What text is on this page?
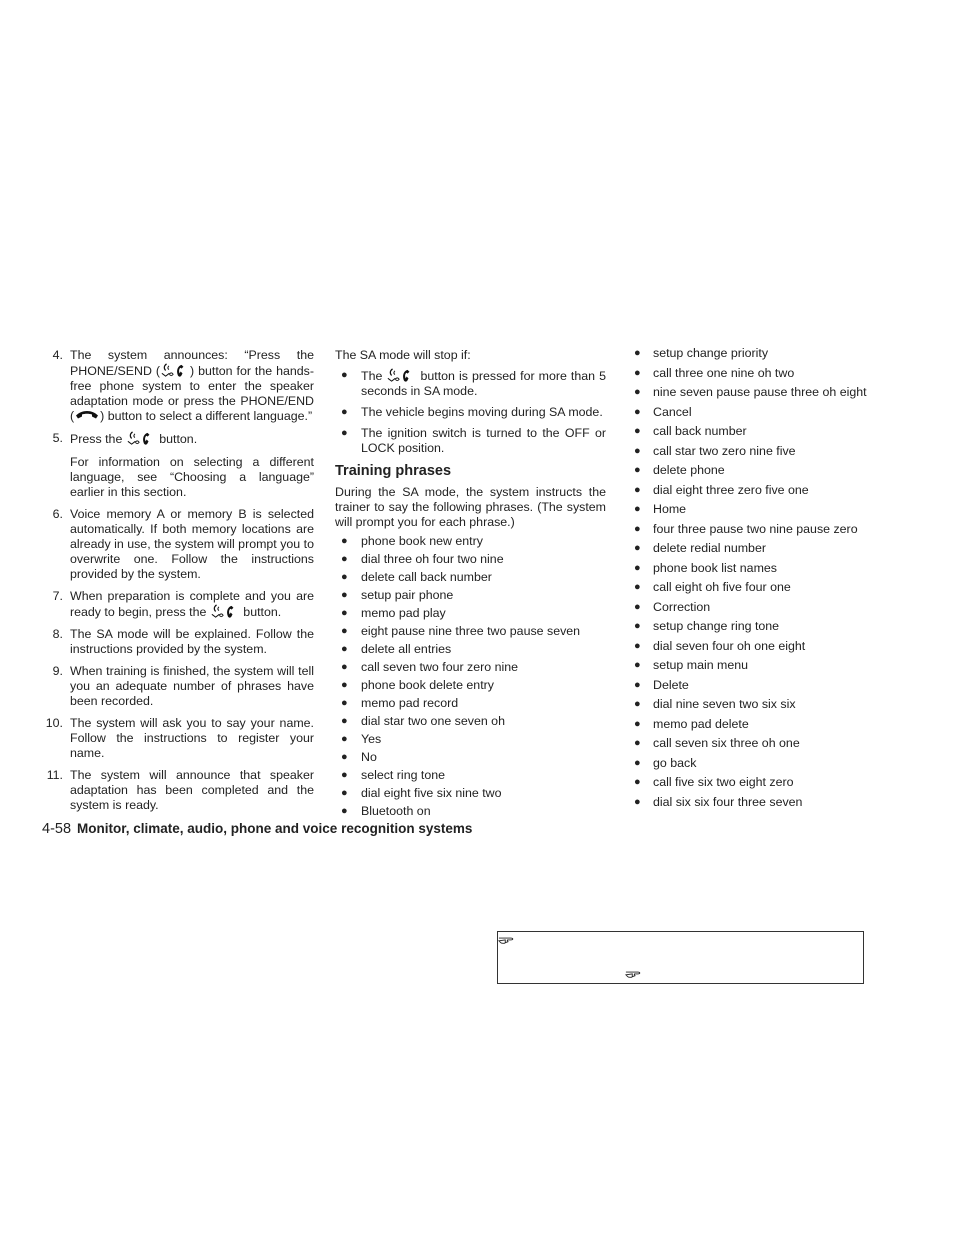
4. The system announces: “Press the PHONE/SEND ( ) button for the hands-free phone system to enter the speaker adaptation mode or press the PHONE/END ( ) button to select a different language.”

5. Press the	button.

For information on selecting a different language, see “Choosing a language” earlier in this section.

6. Voice memory A or memory B is selected automatically. If both memory locations are already in use, the system will prompt you to overwrite one. Follow the instructions provided by the system.

7. When preparation is complete and you are ready to begin, press the	button.

8. The SA mode will be explained. Follow the instructions provided by the system.

9. When training is finished, the system will tell you an adequate number of phrases have been recorded.

10. The system will ask you to say your name. Follow the instructions to register your name.

11. The system will announce that speaker adaptation has been completed and the system is ready.

The SA mode will stop if:

● The	button is pressed for more than 5 seconds in SA mode.
● The vehicle begins moving during SA mode.
● The ignition switch is turned to the OFF or LOCK position.
Training phrases

During the SA mode, the system instructs the trainer to say the following phrases. (The system will prompt you for each phrase.)

● phone book new entry
● dial three oh four two nine
● delete call back number
● setup pair phone
● memo pad play
● eight pause nine three two pause seven
● delete all entries
● call seven two four zero nine
● phone book delete entry
● memo pad record
● dial star two one seven oh
● Yes
● No
● select ring tone
● dial eight five six nine two
● Bluetooth on
● setup change priority
● call three one nine oh two
● nine seven pause pause three oh eight
● Cancel
● call back number
● call star two zero nine five
● delete phone
● dial eight three zero five one
● Home
● four three pause two nine pause zero
● delete redial number
● phone book list names
● call eight oh five four one
● Correction
● setup change ring tone
● dial seven four oh one eight
● setup main menu
● Delete
● dial nine seven two six six
● memo pad delete
● call seven six three oh one
● go back
● call five six two eight zero
● dial six six four three seven
4-58 Monitor, climate, audio, phone and voice recognition systems
